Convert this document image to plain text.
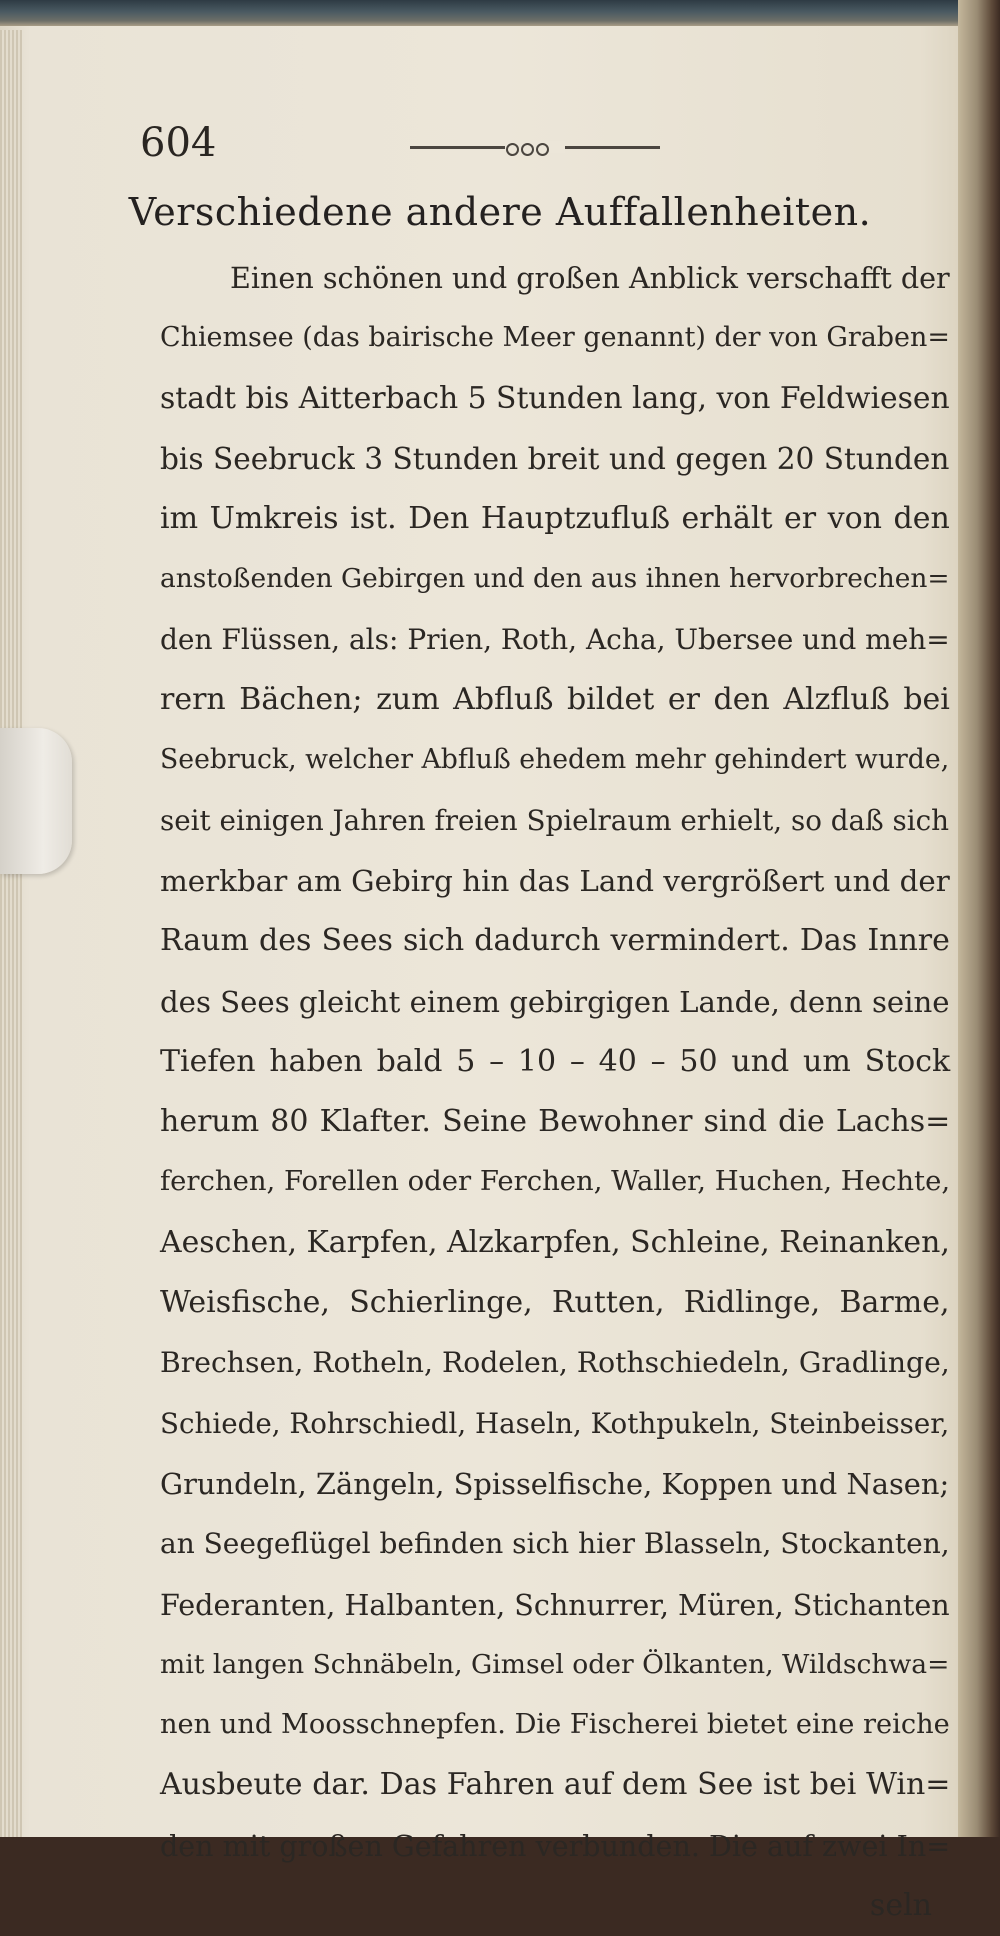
604
Verschiedene andere Auffallenheiten.
Einen schönen und großen Anblick verschafft der
Chiemsee (das bairische Meer genannt) der von Graben=
stadt bis Aitterbach 5 Stunden lang, von Feldwiesen
bis Seebruck 3 Stunden breit und gegen 20 Stunden
im Umkreis ist. Den Hauptzufluß erhält er von den
anstoßenden Gebirgen und den aus ihnen hervorbrechen=
den Flüssen, als: Prien, Roth, Acha, Ubersee und meh=
rern Bächen; zum Abfluß bildet er den Alzfluß bei
Seebruck, welcher Abfluß ehedem mehr gehindert wurde,
seit einigen Jahren freien Spielraum erhielt, so daß sich
merkbar am Gebirg hin das Land vergrößert und der
Raum des Sees sich dadurch vermindert. Das Innre
des Sees gleicht einem gebirgigen Lande, denn seine
Tiefen haben bald 5 – 10 – 40 – 50 und um Stock
herum 80 Klafter. Seine Bewohner sind die Lachs=
ferchen, Forellen oder Ferchen, Waller, Huchen, Hechte,
Aeschen, Karpfen, Alzkarpfen, Schleine, Reinanken,
Weisfische, Schierlinge, Rutten, Ridlinge, Barme,
Brechsen, Rotheln, Rodelen, Rothschiedeln, Gradlinge,
Schiede, Rohrschiedl, Haseln, Kothpukeln, Steinbeisser,
Grundeln, Zängeln, Spisselfische, Koppen und Nasen;
an Seegeflügel befinden sich hier Blasseln, Stockanten,
Federanten, Halbanten, Schnurrer, Müren, Stichanten
mit langen Schnäbeln, Gimsel oder Ölkanten, Wildschwa=
nen und Moosschnepfen. Die Fischerei bietet eine reiche
Ausbeute dar. Das Fahren auf dem See ist bei Win=
den mit großen Gefahren verbunden. Die auf zwei In=
seln
